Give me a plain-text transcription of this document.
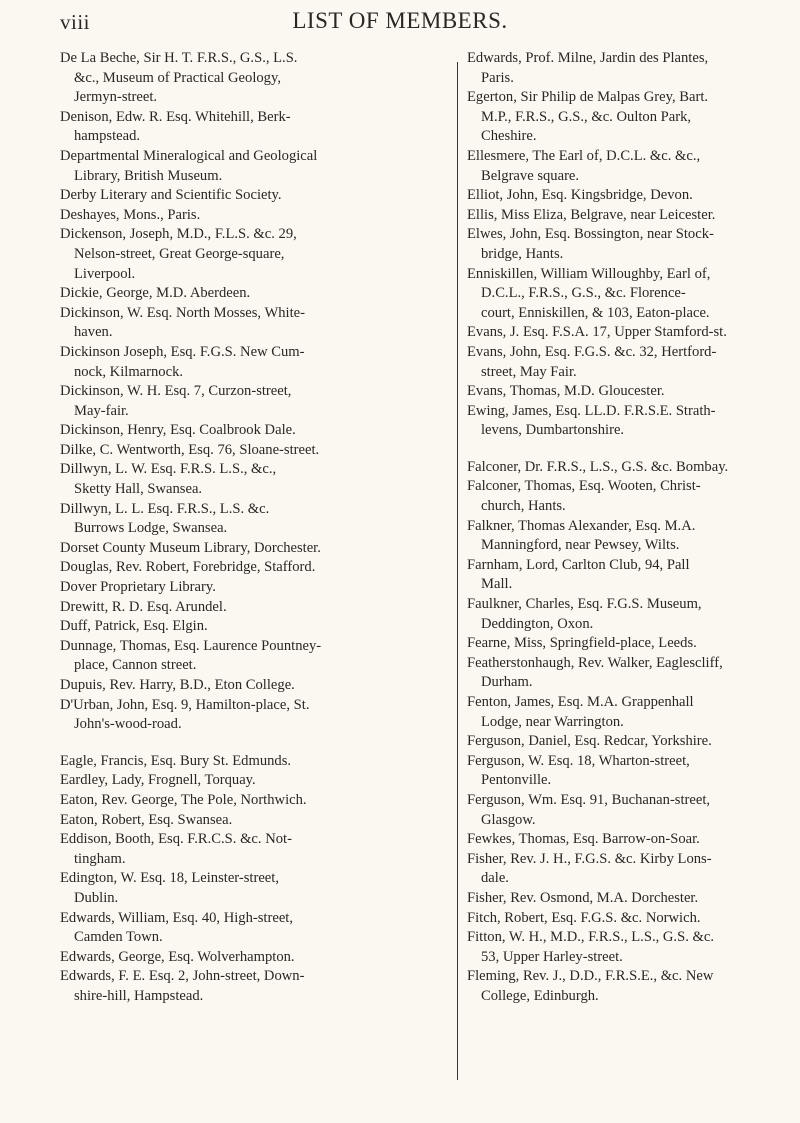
viii	LIST OF MEMBERS.
De La Beche, Sir H. T. F.R.S., G.S., L.S.
&c., Museum of Practical Geology,
Jermyn-street.
Denison, Edw. R. Esq. Whitehill, Berk-
hampstead.
Departmental Mineralogical and Geological
Library, British Museum.
Derby Literary and Scientific Society.
Deshayes, Mons., Paris.
Dickenson, Joseph, M.D., F.L.S. &c. 29,
Nelson-street, Great George-square,
Liverpool.
Dickie, George, M.D. Aberdeen.
Dickinson, W. Esq. North Mosses, White-
haven.
Dickinson Joseph, Esq. F.G.S. New Cum-
nock, Kilmarnock.
Dickinson, W. H. Esq. 7, Curzon-street,
May-fair.
Dickinson, Henry, Esq. Coalbrook Dale.
Dilke, C. Wentworth, Esq. 76, Sloane-street.
Dillwyn, L. W. Esq. F.R.S. L.S., &c.,
Sketty Hall, Swansea.
Dillwyn, L. L. Esq. F.R.S., L.S. &c.
Burrows Lodge, Swansea.
Dorset County Museum Library, Dorchester.
Douglas, Rev. Robert, Forebridge, Stafford.
Dover Proprietary Library.
Drewitt, R. D. Esq. Arundel.
Duff, Patrick, Esq. Elgin.
Dunnage, Thomas, Esq. Laurence Pountney-
place, Cannon street.
Dupuis, Rev. Harry, B.D., Eton College.
D'Urban, John, Esq. 9, Hamilton-place, St.
John's-wood-road.
Eagle, Francis, Esq. Bury St. Edmunds.
Eardley, Lady, Frognell, Torquay.
Eaton, Rev. George, The Pole, Northwich.
Eaton, Robert, Esq. Swansea.
Eddison, Booth, Esq. F.R.C.S. &c. Not-
tingham.
Edington, W. Esq. 18, Leinster-street,
Dublin.
Edwards, William, Esq. 40, High-street,
Camden Town.
Edwards, George, Esq. Wolverhampton.
Edwards, F. E. Esq. 2, John-street, Down-
shire-hill, Hampstead.
Edwards, Prof. Milne, Jardin des Plantes,
Paris.
Egerton, Sir Philip de Malpas Grey, Bart.
M.P., F.R.S., G.S., &c. Oulton Park,
Cheshire.
Ellesmere, The Earl of, D.C.L. &c. &c.,
Belgrave square.
Elliot, John, Esq. Kingsbridge, Devon.
Ellis, Miss Eliza, Belgrave, near Leicester.
Elwes, John, Esq. Bossington, near Stock-
bridge, Hants.
Enniskillen, William Willoughby, Earl of,
D.C.L., F.R.S., G.S., &c. Florence-
court, Enniskillen, & 103, Eaton-place.
Evans, J. Esq. F.S.A. 17, Upper Stamford-st.
Evans, John, Esq. F.G.S. &c. 32, Hertford-
street, May Fair.
Evans, Thomas, M.D. Gloucester.
Ewing, James, Esq. LL.D. F.R.S.E. Strath-
levens, Dumbartonshire.
Falconer, Dr. F.R.S., L.S., G.S. &c. Bombay.
Falconer, Thomas, Esq. Wooten, Christ-
church, Hants.
Falkner, Thomas Alexander, Esq. M.A.
Manningford, near Pewsey, Wilts.
Farnham, Lord, Carlton Club, 94, Pall
Mall.
Faulkner, Charles, Esq. F.G.S. Museum,
Deddington, Oxon.
Fearne, Miss, Springfield-place, Leeds.
Featherstonhaugh, Rev. Walker, Eaglescliff,
Durham.
Fenton, James, Esq. M.A. Grappenhall
Lodge, near Warrington.
Ferguson, Daniel, Esq. Redcar, Yorkshire.
Ferguson, W. Esq. 18, Wharton-street,
Pentonville.
Ferguson, Wm. Esq. 91, Buchanan-street,
Glasgow.
Fewkes, Thomas, Esq. Barrow-on-Soar.
Fisher, Rev. J. H., F.G.S. &c. Kirby Lons-
dale.
Fisher, Rev. Osmond, M.A. Dorchester.
Fitch, Robert, Esq. F.G.S. &c. Norwich.
Fitton, W. H., M.D., F.R.S., L.S., G.S. &c.
53, Upper Harley-street.
Fleming, Rev. J., D.D., F.R.S.E., &c. New
College, Edinburgh.
